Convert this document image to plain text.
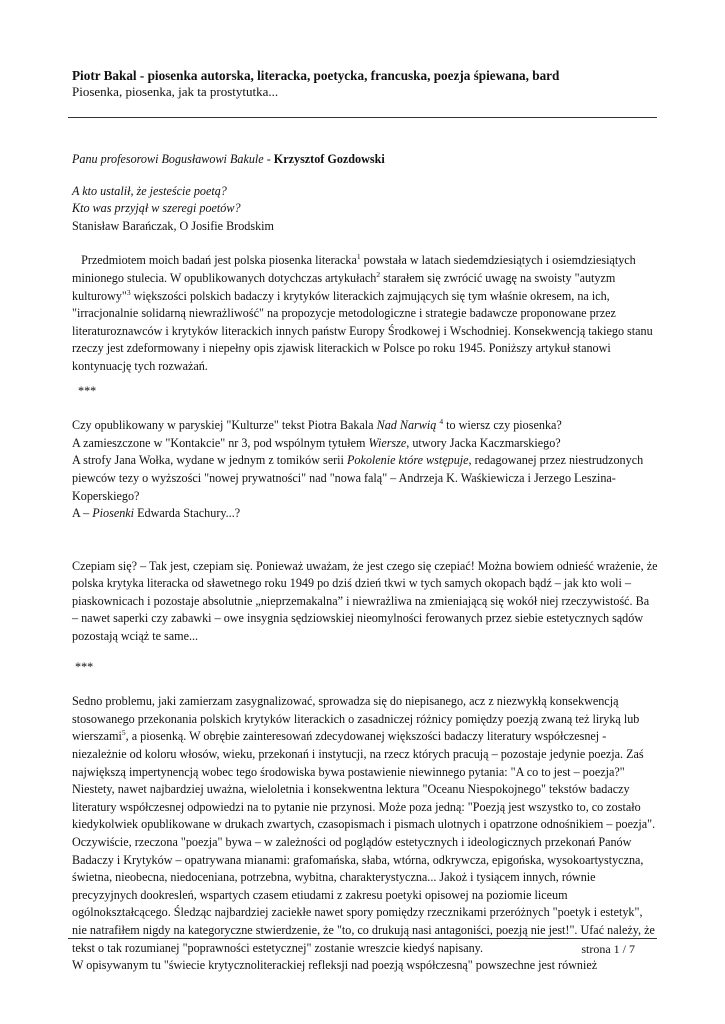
Piotr Bakal - piosenka autorska, literacka, poetycka, francuska, poezja śpiewana, bard
Piosenka, piosenka, jak ta prostytutka...

Panu profesorowi Bogusławowi Bakule - Krzysztof Gozdowski

A kto ustalił, że jesteście poetą?

Kto was przyjął w szeregi poetów?

Stanisław Barańczak, O Josifie Brodskim

Przedmiotem moich badań jest polska piosenka literacka$^1$ powstała w latach siedemdziesiątych i osiemdziesiątych minionego stulecia. W opublikowanych dotychczas artykułach$^2$ starałem się zwrócić uwagę na swoisty "autyzm kulturowy"$^3$ większości polskich badaczy i krytyków literackich zajmujących się tym właśnie okresem, na ich, "irracjonalnie solidarną niewrażliwość" na propozycje metodologiczne i strategie badawcze proponowane przez literaturoznawców i krytyków literackich innych państw Europy Środkowej i Wschodniej. Konsekwencją takiego stanu rzeczy jest zdeformowany i niepełny opis zjawisk literackich w Polsce po roku 1945. Poniższy artykuł stanowi kontynuację tych rozważań.

***

Czy opublikowany w paryskiej "Kulturze" tekst Piotra Bakala Nad Narwią $^4$ to wiersz czy piosenka?

A zamieszczone w "Kontakcie" nr 3, pod wspólnym tytułem Wiersze, utwory Jacka Kaczmarskiego?

A strofy Jana Wołka, wydane w jednym z tomików serii Pokolenie które wstępuje, redagowanej przez niestrudzonych piewców tezy o wyższości "nowej prywatności" nad "nowa falą" – Andrzeja K. Waśkiewicza i Jerzego Leszina-Koperskiego?

A – Piosenki Edwarda Stachury...?

Czepiam się? – Tak jest, czepiam się. Ponieważ uważam, że jest czego się czepiać! Można bowiem odnieść wrażenie, że polska krytyka literacka od sławetnego roku 1949 po dziś dzień tkwi w tych samych okopach bądź – jak kto woli – piaskownicach i pozostaje absolutnie „nieprzemakalna” i niewrażliwa na zmieniającą się wokół niej rzeczywistość. Ba – nawet saperki czy zabawki – owe insygnia sędziowskiej nieomylności ferowanych przez siebie estetycznych sądów pozostają wciąż te same...

***

Sedno problemu, jaki zamierzam zasygnalizować, sprowadza się do niepisanego, acz z niezwykłą konsekwencją stosowanego przekonania polskich krytyków literackich o zasadniczej różnicy pomiędzy poezją zwaną też liryką lub wierszami$^5$, a piosenką. W obrębie zainteresowań zdecydowanej większości badaczy literatury współczesnej - niezależnie od koloru włosów, wieku, przekonań i instytucji, na rzecz których pracują – pozostaje jedynie poezja. Zaś największą impertynencją wobec tego środowiska bywa postawienie niewinnego pytania: "A co to jest – poezja?" Niestety, nawet najbardziej uważna, wieloletnia i konsekwentna lektura "Oceanu Niespokojnego" tekstów badaczy literatury współczesnej odpowiedzi na to pytanie nie przynosi. Może poza jedną: "Poezją jest wszystko to, co zostało kiedykolwiek opublikowane w drukach zwartych, czasopismach i pismach ulotnych i opatrzone odnośnikiem – poezja". Oczywiście, rzeczona "poezja" bywa – w zależności od poglądów estetycznych i ideologicznych przekonań Panów Badaczy i Krytyków – opatrywana mianami: grafomańska, słaba, wtórna, odkrywcza, epigońska, wysokoartystyczna, świetna, nieobecna, niedoceniana, potrzebna, wybitna, charakterystyczna... Jakoż i tysiącem innych, równie precyzyjnych dookresleń, wspartych czasem etiudami z zakresu poetyki opisowej na poziomie liceum ogólnokształcącego. Śledząc najbardziej zaciekłe nawet spory pomiędzy rzecznikami przeróżnych "poetyk i estetyk", nie natrafiłem nigdy na kategoryczne stwierdzenie, że "to, co drukują nasi antagoniści, poezją nie jest!". Ufać należy, że tekst o tak rozumianej "poprawności estetycznej" zostanie wreszcie kiedyś napisany.

W opisywanym tu "świecie krytycznoliterackiej refleksji nad poezją współczesną" powszechne jest również

strona 1 / 7
